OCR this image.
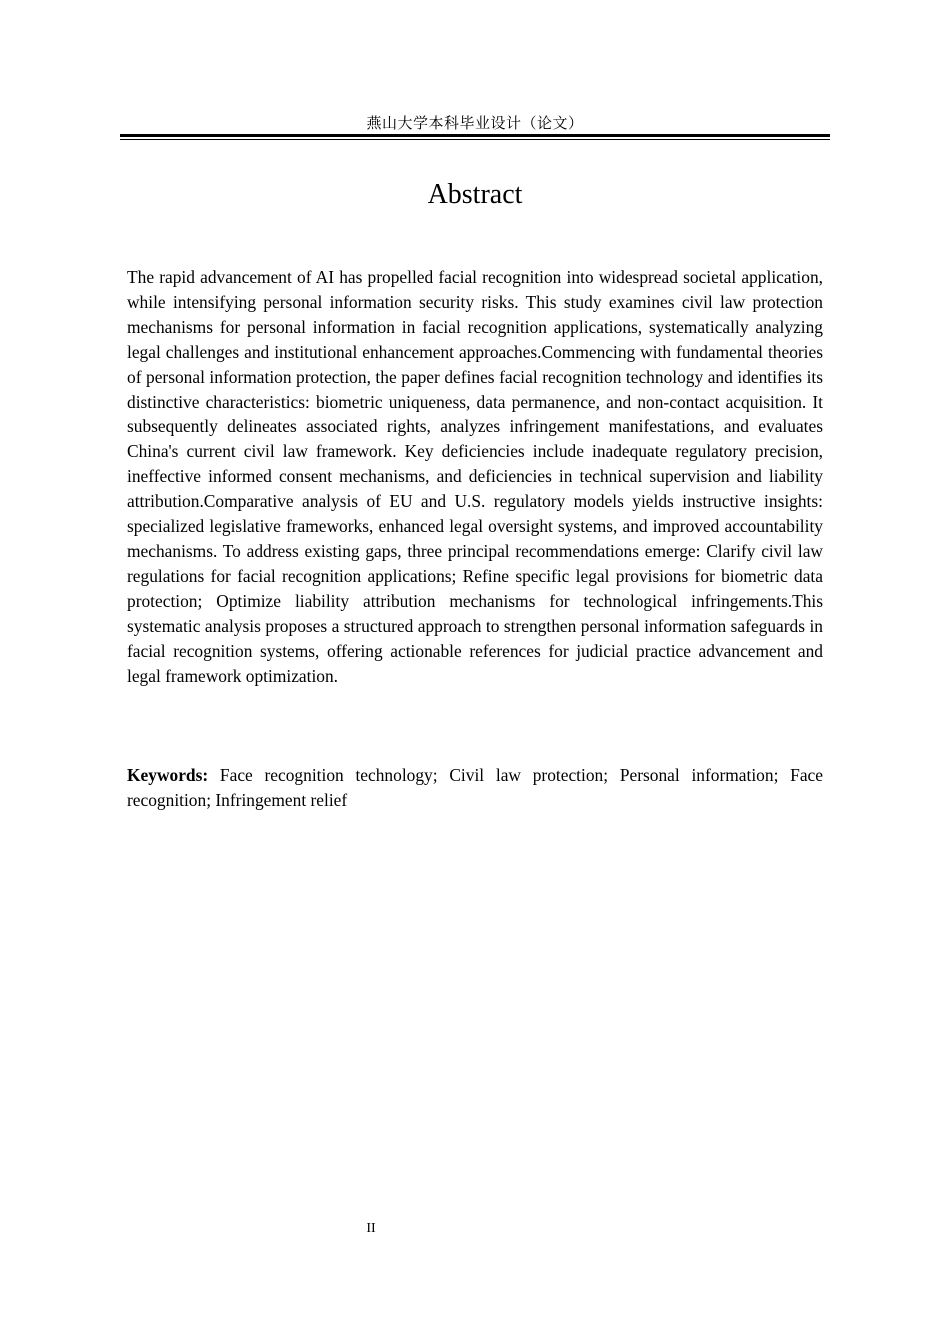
燕山大学本科毕业设计（论文）
Abstract

The rapid advancement of AI has propelled facial recognition into widespread societal application, while intensifying personal information security risks. This study examines civil law protection mechanisms for personal information in facial recognition applications, systematically analyzing legal challenges and institutional enhancement approaches.Commencing with fundamental theories of personal information protection, the paper defines facial recognition technology and identifies its distinctive characteristics: biometric uniqueness, data permanence, and non-contact acquisition. It subsequently delineates associated rights, analyzes infringement manifestations, and evaluates China's current civil law framework. Key deficiencies include inadequate regulatory precision, ineffective informed consent mechanisms, and deficiencies in technical supervision and liability attribution.Comparative analysis of EU and U.S. regulatory models yields instructive insights: specialized legislative frameworks, enhanced legal oversight systems, and improved accountability mechanisms. To address existing gaps, three principal recommendations emerge: Clarify civil law regulations for facial recognition applications; Refine specific legal provisions for biometric data protection; Optimize liability attribution mechanisms for technological infringements.This systematic analysis proposes a structured approach to strengthen personal information safeguards in facial recognition systems, offering actionable references for judicial practice advancement and legal framework optimization.

Keywords: Face recognition technology; Civil law protection; Personal information; Face recognition; Infringement relief

II
